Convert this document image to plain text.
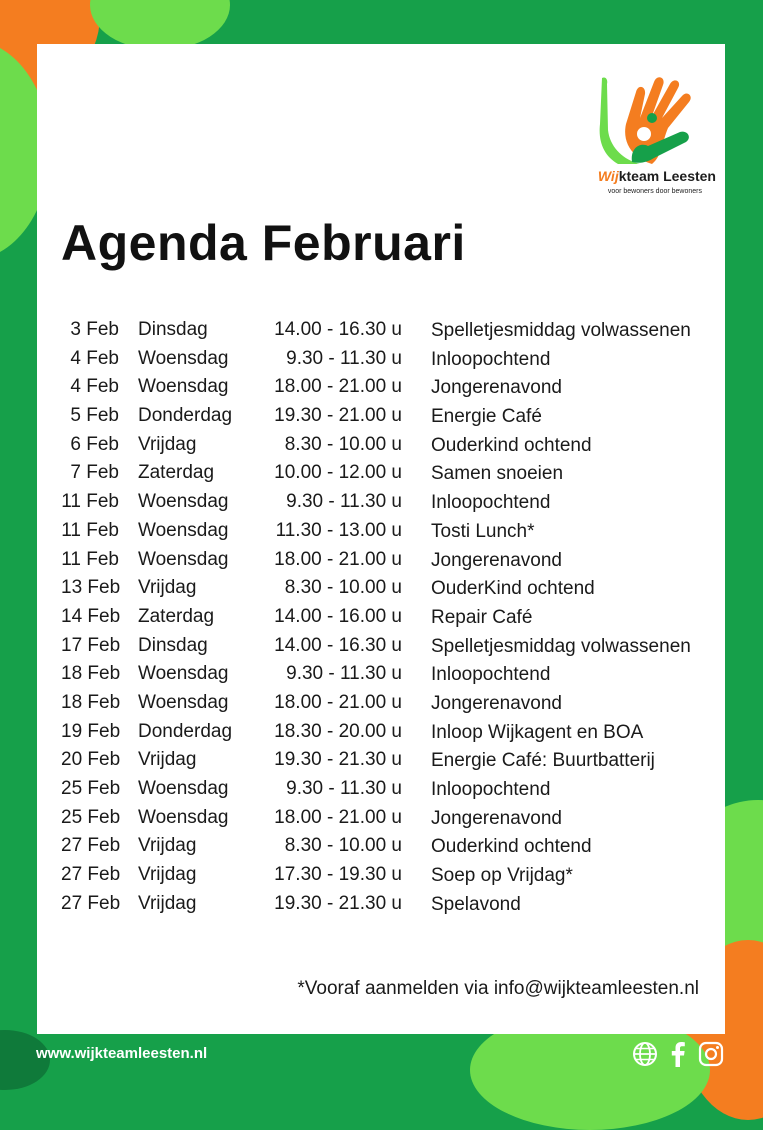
Wijkteam Leesten
voor bewoners door bewoners
Agenda Februari
3 Feb Dinsdag	14.00 - 16.30 u Spelletjesmiddag volwassenen
4 Feb Woensdag	9.30 - 11.30 u Inloopochtend
4 Feb Woensdag	18.00 - 21.00 u Jongerenavond
5 Feb Donderdag	19.30 - 21.00 u Energie Café
6 Feb Vrijdag	8.30 - 10.00 u Ouderkind ochtend
7 Feb Zaterdag	10.00 - 12.00 u Samen snoeien
11 Feb Woensdag	9.30 - 11.30 u Inloopochtend
11 Feb Woensdag	11.30 - 13.00 u Tosti Lunch*
11 Feb Woensdag	18.00 - 21.00 u Jongerenavond
13 Feb Vrijdag	8.30 - 10.00 u OuderKind ochtend
14 Feb Zaterdag	14.00 - 16.00 u Repair Café
17 Feb Dinsdag	14.00 - 16.30 u Spelletjesmiddag volwassenen
18 Feb Woensdag	9.30 - 11.30 u Inloopochtend
18 Feb Woensdag	18.00 - 21.00 u Jongerenavond
19 Feb Donderdag	18.30 - 20.00 u Inloop Wijkagent en BOA
20 Feb Vrijdag	19.30 - 21.30 u Energie Café: Buurtbatterij
25 Feb Woensdag	9.30 - 11.30 u Inloopochtend
25 Feb Woensdag	18.00 - 21.00 u Jongerenavond
27 Feb Vrijdag	8.30 - 10.00 u Ouderkind ochtend
27 Feb Vrijdag	17.30 - 19.30 u Soep op Vrijdag*
27 Feb Vrijdag	19.30 - 21.30 u Spelavond
*Vooraf aanmelden via info@wijkteamleesten.nl
www.wijkteamleesten.nl
